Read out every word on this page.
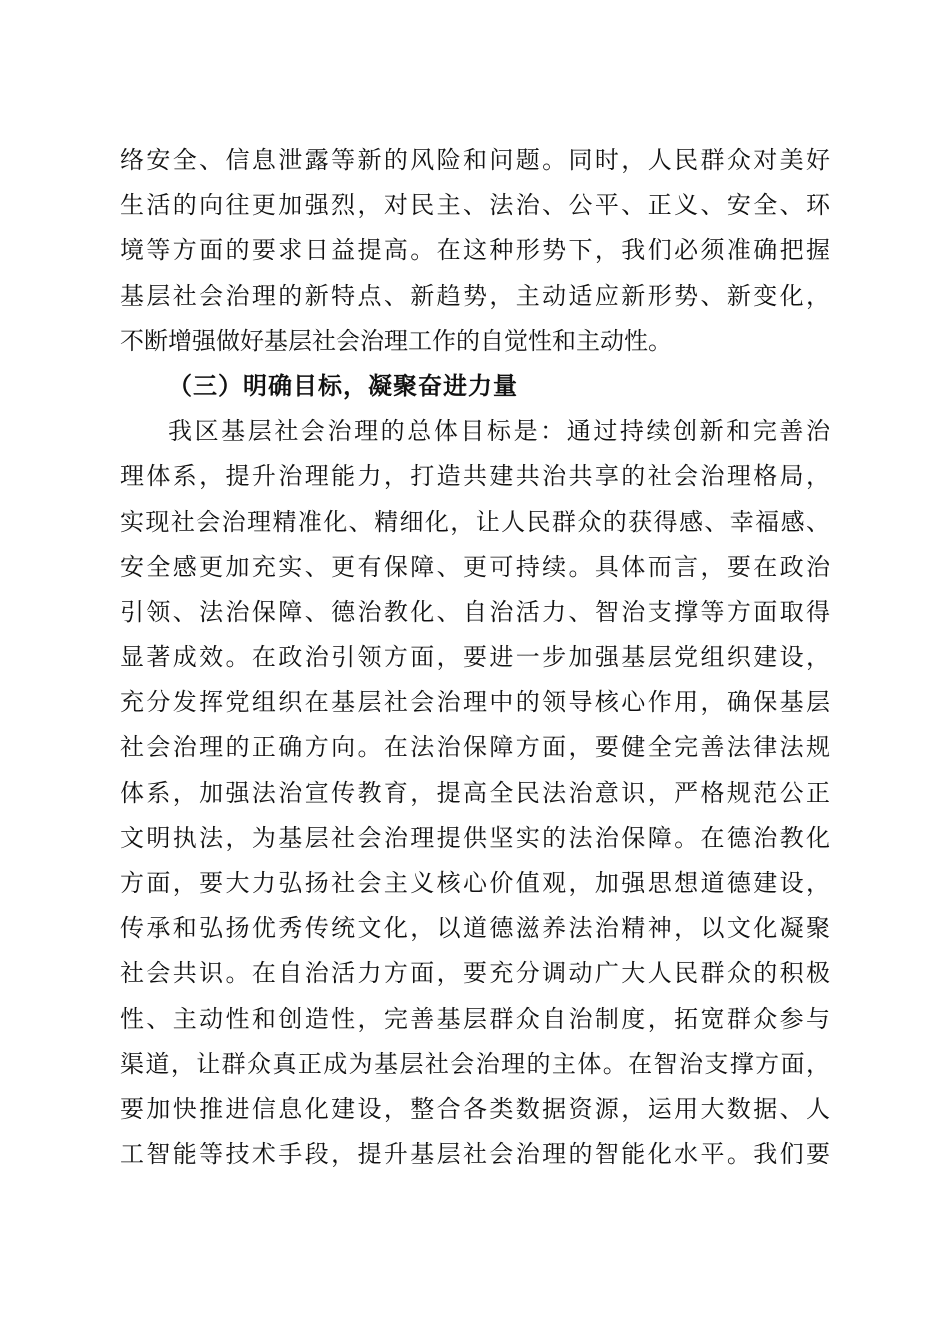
络安全、信息泄露等新的风险和问题。同时，人民群众对美好
生活的向往更加强烈，对民主、法治、公平、正义、安全、环
境等方面的要求日益提高。在这种形势下，我们必须准确把握
基层社会治理的新特点、新趋势，主动适应新形势、新变化，
不断增强做好基层社会治理工作的自觉性和主动性。
（三）明确目标，凝聚奋进力量
我区基层社会治理的总体目标是：通过持续创新和完善治
理体系，提升治理能力，打造共建共治共享的社会治理格局，
实现社会治理精准化、精细化，让人民群众的获得感、幸福感、
安全感更加充实、更有保障、更可持续。具体而言，要在政治
引领、法治保障、德治教化、自治活力、智治支撑等方面取得
显著成效。在政治引领方面，要进一步加强基层党组织建设，
充分发挥党组织在基层社会治理中的领导核心作用，确保基层
社会治理的正确方向。在法治保障方面，要健全完善法律法规
体系，加强法治宣传教育，提高全民法治意识，严格规范公正
文明执法，为基层社会治理提供坚实的法治保障。在德治教化
方面，要大力弘扬社会主义核心价值观，加强思想道德建设，
传承和弘扬优秀传统文化，以道德滋养法治精神，以文化凝聚
社会共识。在自治活力方面，要充分调动广大人民群众的积极
性、主动性和创造性，完善基层群众自治制度，拓宽群众参与
渠道，让群众真正成为基层社会治理的主体。在智治支撑方面，
要加快推进信息化建设，整合各类数据资源，运用大数据、人
工智能等技术手段，提升基层社会治理的智能化水平。我们要
